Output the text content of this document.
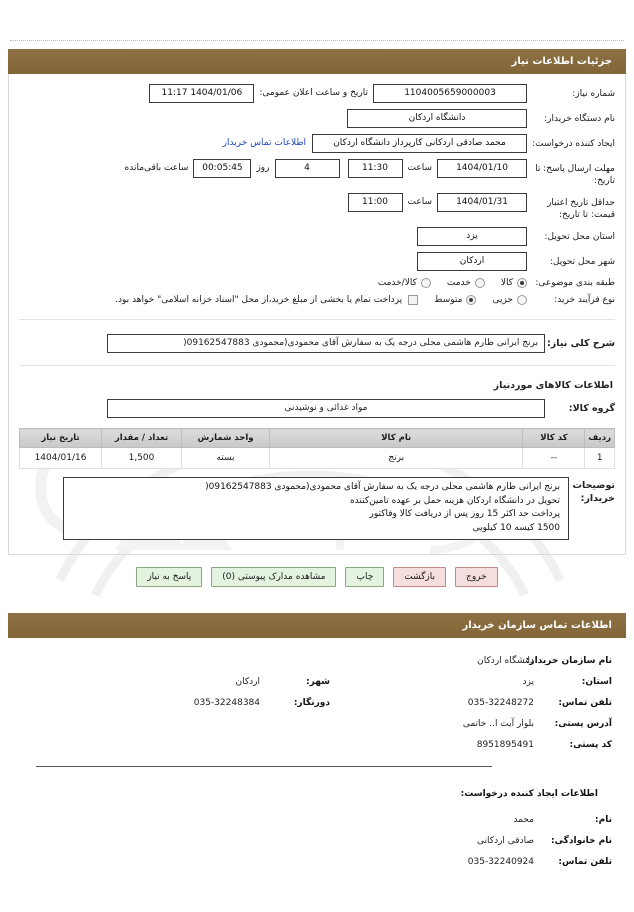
جزئیات اطلاعات نیاز
شماره نیاز:
1104005659000003
تاریخ و ساعت اعلان عمومی:
1404/01/06 11:17
نام دستگاه خریدار:
دانشگاه اردکان
ایجاد کننده درخواست:
محمد صادقی اردکانی کارپرداز دانشگاه اردکان
اطلاعات تماس خریدار
مهلت ارسال پاسخ: تا تاریخ:
1404/01/10
ساعت
11:30
4
روز
00:05:45
ساعت باقی‌مانده
حداقل تاریخ اعتبار قیمت: تا تاریخ:
1404/01/31
ساعت
11:00
استان محل تحویل:
یزد
شهر محل تحویل:
اردکان
طبقه بندی موضوعی:
کالا
خدمت
کالا/خدمت
نوع فرآیند خرید:
جزیی
متوسط
پرداخت تمام یا بخشی از مبلغ خرید،از محل "اسناد خزانه اسلامی" خواهد بود.
شرح کلی نیاز:
برنج ایرانی طارم هاشمی محلی درجه یک به سفارش آقای محمودی(محمودی 09162547883(
اطلاعات کالاهای موردنیاز
گروه کالا:
مواد غذائی و نوشیدنی
ردیف	کد کالا	نام کالا	واحد شمارش	تعداد / مقدار	تاریخ نیاز
1	--	برنج	بسته	1,500	1404/01/16
توضیحات
خریدار:
برنج ایرانی طارم هاشمی محلی درجه یک به سفارش آقای محمودی(محمودی 09162547883(
تحویل در دانشگاه اردکان هزینه حمل بر عهده تامین‌کننده
پرداخت حد اکثر 15 روز پس از دریافت کالا وفاکتور
1500 کیسه 10 کیلویی
خروج
بازگشت
چاپ
مشاهده مدارک پیوستی (0)
پاسخ به نیاز
اطلاعات تماس سازمان خریدار
نام سازمان خریدار:
دانشگاه اردکان
استان:
یزد
شهر:
اردکان
تلفن تماس:
035-32248272
دورنگار:
035-32248384
آدرس پستی:
بلوار آیت ا.. خاتمی
کد پستی:
8951895491
اطلاعات ایجاد کننده درخواست:
نام:
محمد
نام خانوادگی:
صادقی اردکانی
تلفن تماس:
035-32240924
